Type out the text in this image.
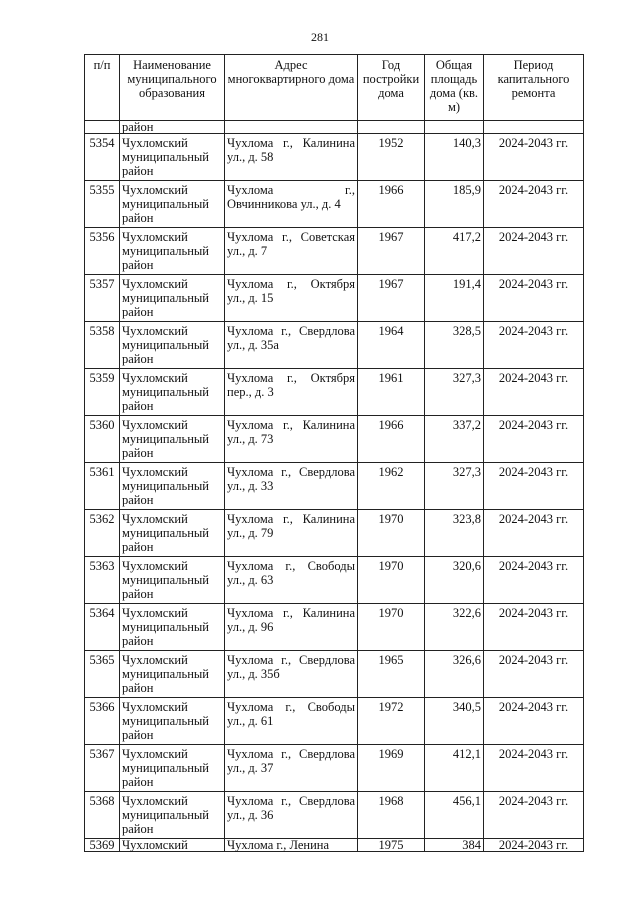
281
п/п	Наименование муниципального образования	Адрес многоквартирного дома	Год постройки дома	Общая площадь дома (кв. м)	Период капитального ремонта
	район				
5354	Чухломский муниципальный район	Чухлома г., Калинина ул., д. 58	1952	140,3	2024-2043 гг.
5355	Чухломский муниципальный район	Чухлома г., Овчинникова ул., д. 4	1966	185,9	2024-2043 гг.
5356	Чухломский муниципальный район	Чухлома г., Советская ул., д. 7	1967	417,2	2024-2043 гг.
5357	Чухломский муниципальный район	Чухлома г., Октября ул., д. 15	1967	191,4	2024-2043 гг.
5358	Чухломский муниципальный район	Чухлома г., Свердлова ул., д. 35а	1964	328,5	2024-2043 гг.
5359	Чухломский муниципальный район	Чухлома г., Октября пер., д. 3	1961	327,3	2024-2043 гг.
5360	Чухломский муниципальный район	Чухлома г., Калинина ул., д. 73	1966	337,2	2024-2043 гг.
5361	Чухломский муниципальный район	Чухлома г., Свердлова ул., д. 33	1962	327,3	2024-2043 гг.
5362	Чухломский муниципальный район	Чухлома г., Калинина ул., д. 79	1970	323,8	2024-2043 гг.
5363	Чухломский муниципальный район	Чухлома г., Свободы ул., д. 63	1970	320,6	2024-2043 гг.
5364	Чухломский муниципальный район	Чухлома г., Калинина ул., д. 96	1970	322,6	2024-2043 гг.
5365	Чухломский муниципальный район	Чухлома г., Свердлова ул., д. 35б	1965	326,6	2024-2043 гг.
5366	Чухломский муниципальный район	Чухлома г., Свободы ул., д. 61	1972	340,5	2024-2043 гг.
5367	Чухломский муниципальный район	Чухлома г., Свердлова ул., д. 37	1969	412,1	2024-2043 гг.
5368	Чухломский муниципальный район	Чухлома г., Свердлова ул., д. 36	1968	456,1	2024-2043 гг.
5369	Чухломский	Чухлома г., Ленина	1975	384	2024-2043 гг.
